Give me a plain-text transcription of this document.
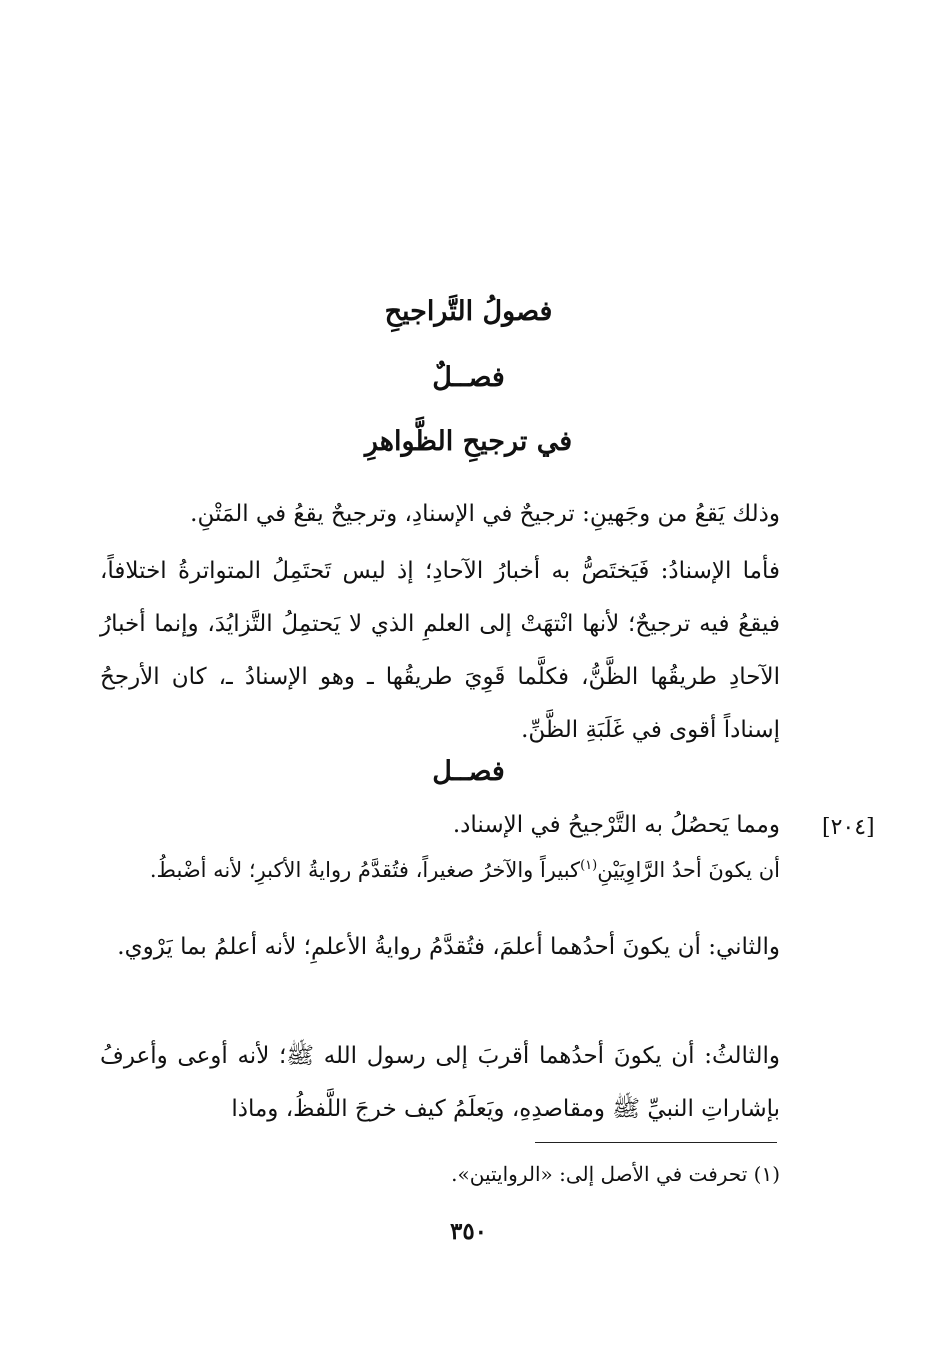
فصولُ التَّراجيحِ
فصــلٌ
في ترجيحِ الظَّواهرِ
وذلك يَقعُ من وجَهينِ: ترجيحٌ في الإسنادِ، وترجيحٌ يقعُ في المَتْنِ.
فأما الإسنادُ: فَيَختَصُّ به أخبارُ الآحادِ؛ إذ ليس تَحتَمِلُ المتواترةُ اختلافاً، فيقعُ فيه ترجيحٌ؛ لأنها انْتهَتْ إلى العلمِ الذي لا يَحتمِلُ التَّزايُدَ، وإنما أخبارُ الآحادِ طريقُها الظَّنُّ، فكلَّما قَوِيَ طريقُها ـ وهو الإسنادُ ـ، كان الأرجحُ إسناداً أقوى في غَلَبَةِ الظَّنِّ.
فصــل
[٢٠٤]
ومما يَحصُلُ به التَّرْجيحُ في الإسناد.
أن يكونَ أحدُ الرَّاوِيَيْنِ$^{(١)}$كبيراً والآخرُ صغيراً، فتُقدَّمُ روايةُ الأكبرِ؛ لأنه أضْبطُ.
والثاني: أن يكونَ أحدُهما أعلمَ، فتُقدَّمُ روايةُ الأعلمِ؛ لأنه أعلمُ بما يَرْوي.
والثالثُ: أن يكونَ أحدُهما أقربَ إلى رسول الله ﷺ؛ لأنه أوعى وأعرفُ بإشاراتِ النبيِّ ﷺ ومقاصدِهِ، ويَعلَمُ كيف خرجَ اللَّفظُ، وماذا
(١) تحرفت في الأصل إلى: «الروايتين».
٣٥٠
